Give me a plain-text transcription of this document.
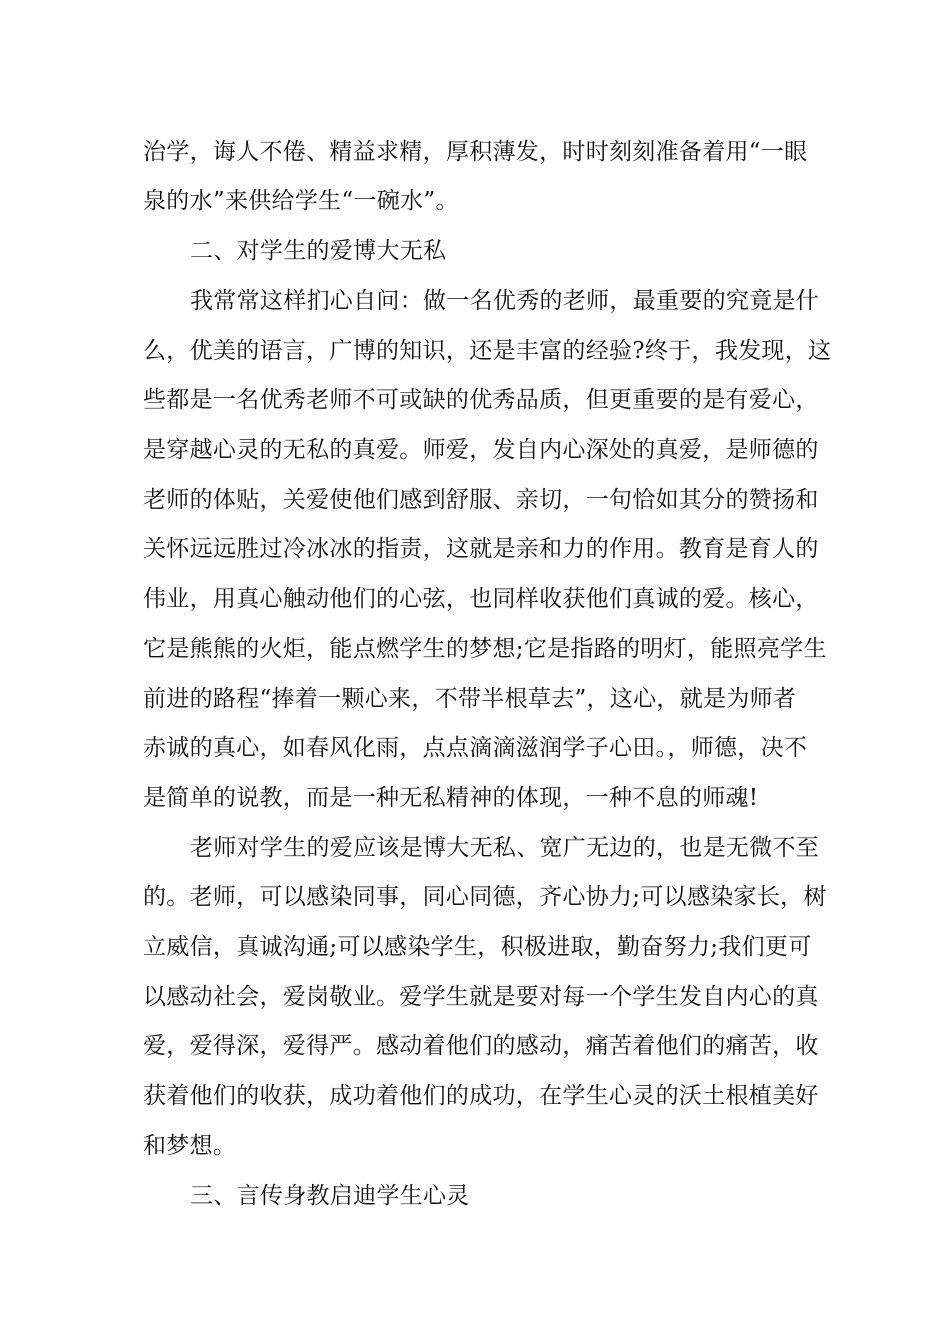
治学，诲人不倦、精益求精，厚积薄发，时时刻刻准备着用“一眼
泉的水”来供给学生“一碗水”。
二、对学生的爱博大无私
我常常这样扪心自问：做一名优秀的老师，最重要的究竟是什
么，优美的语言，广博的知识，还是丰富的经验?终于，我发现，这
些都是一名优秀老师不可或缺的优秀品质，但更重要的是有爱心，
是穿越心灵的无私的真爱。师爱，发自内心深处的真爱，是师德的
老师的体贴，关爱使他们感到舒服、亲切，一句恰如其分的赞扬和
关怀远远胜过冷冰冰的指责，这就是亲和力的作用。教育是育人的
伟业，用真心触动他们的心弦，也同样收获他们真诚的爱。核心，
它是熊熊的火炬，能点燃学生的梦想;它是指路的明灯，能照亮学生
前进的路程“捧着一颗心来，不带半根草去”，这心，就是为师者
赤诚的真心，如春风化雨，点点滴滴滋润学子心田。，师德，决不
是简单的说教，而是一种无私精神的体现，一种不息的师魂!
老师对学生的爱应该是博大无私、宽广无边的，也是无微不至
的。老师，可以感染同事，同心同德，齐心协力;可以感染家长，树
立威信，真诚沟通;可以感染学生，积极进取，勤奋努力;我们更可
以感动社会，爱岗敬业。爱学生就是要对每一个学生发自内心的真
爱，爱得深，爱得严。感动着他们的感动，痛苦着他们的痛苦，收
获着他们的收获，成功着他们的成功，在学生心灵的沃土根植美好
和梦想。
三、言传身教启迪学生心灵
